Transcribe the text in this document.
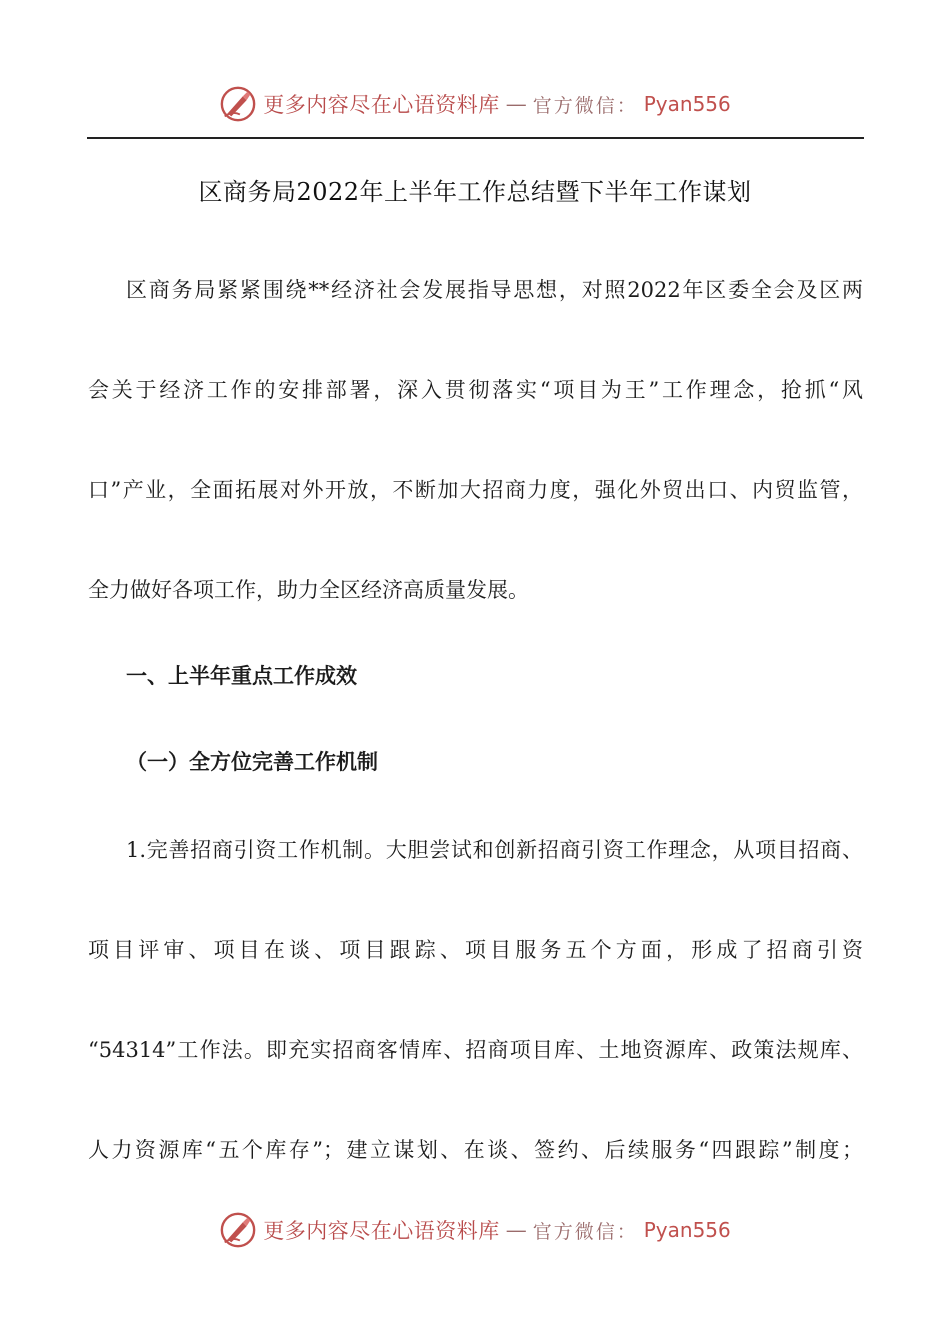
更多内容尽在心语资料库 — 官方微信： Pyan556
区商务局2022年上半年工作总结暨下半年工作谋划
区商务局紧紧围绕**经济社会发展指导思想，对照2022年区委全会及区两
会关于经济工作的安排部署，深入贯彻落实“项目为王”工作理念，抢抓“风
口”产业，全面拓展对外开放，不断加大招商力度，强化外贸出口、内贸监管，
全力做好各项工作，助力全区经济高质量发展。
一、上半年重点工作成效
（一）全方位完善工作机制
1.完善招商引资工作机制。大胆尝试和创新招商引资工作理念，从项目招商、
项目评审、项目在谈、项目跟踪、项目服务五个方面，形成了招商引资
“54314”工作法。即充实招商客情库、招商项目库、土地资源库、政策法规库、
人力资源库“五个库存”；建立谋划、在谈、签约、后续服务“四跟踪”制度；
更多内容尽在心语资料库 — 官方微信： Pyan556
